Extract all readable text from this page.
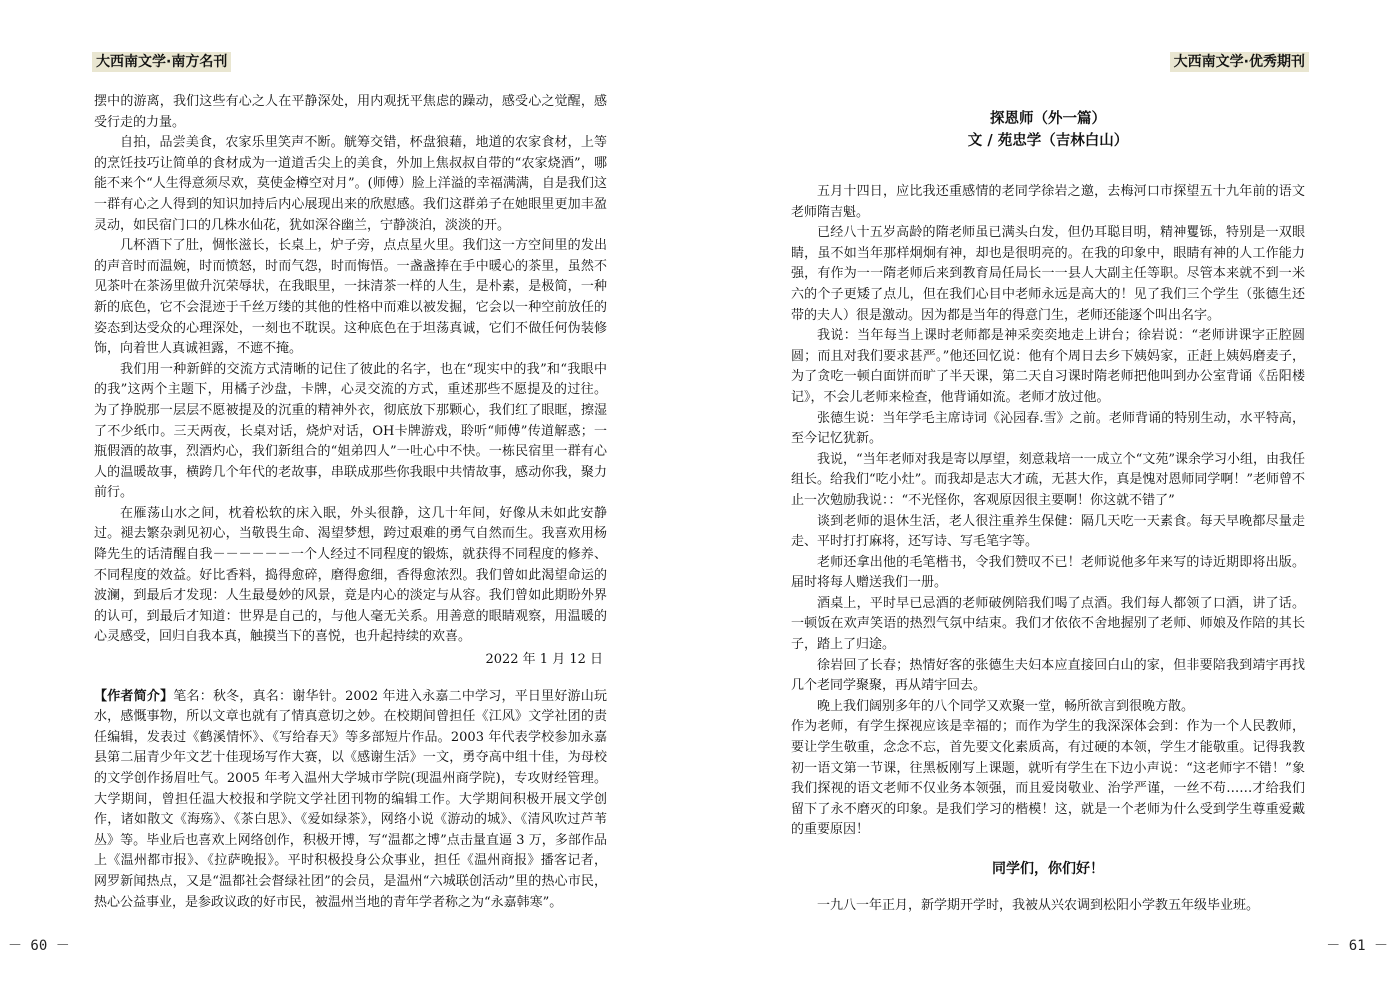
大西南文学·南方名刊

摆中的游离，我们这些有心之人在平静深处，用内观抚平焦虑的躁动，感受心之觉醒，感受行走的力量。

自拍，品尝美食，农家乐里笑声不断。觥筹交错，杯盘狼藉，地道的农家食材，上等的烹饪技巧让简单的食材成为一道道舌尖上的美食，外加上焦叔叔自带的“农家烧酒”，哪能不来个“人生得意须尽欢，莫使金樽空对月”。(师傅）脸上洋溢的幸福满满，自是我们这一群有心之人得到的知识加持后内心展现出来的欣慰感。我们这群弟子在她眼里更加丰盈灵动，如民宿门口的几株水仙花，犹如深谷幽兰，宁静淡泊，淡淡的开。

几杯酒下了肚，惆怅滋长，长桌上，炉子旁，点点星火里。我们这一方空间里的发出的声音时而温婉，时而愤怒，时而气怨，时而悔悟。一盏盏捧在手中暖心的茶里，虽然不见茶叶在茶汤里做升沉荣辱状，在我眼里，一抹清茶一样的人生，是朴素，是极简，一种新的底色，它不会混迹于千丝万缕的其他的性格中而难以被发掘，它会以一种空前放任的姿态到达受众的心理深处，一刻也不耽误。这种底色在于坦荡真诚，它们不做任何伪装修饰，向着世人真诚袒露，不遮不掩。

我们用一种新鲜的交流方式清晰的记住了彼此的名字，也在“现实中的我”和“我眼中的我”这两个主题下，用橘子沙盘，卡牌，心灵交流的方式，重述那些不愿提及的过往。为了挣脱那一层层不愿被提及的沉重的精神外衣，彻底放下那颗心，我们红了眼眶，擦湿了不少纸巾。三天两夜，长桌对话，烧炉对话，OH卡牌游戏，聆听“师傅”传道解惑；一瓶假酒的故事，烈酒灼心，我们新组合的“姐弟四人”一吐心中不快。一栋民宿里一群有心人的温暖故事，横跨几个年代的老故事，串联成那些你我眼中共情故事，感动你我，聚力前行。

在雁荡山水之间，枕着松软的床入眠，外头很静，这几十年间，好像从未如此安静过。褪去繁杂剥见初心，当敬畏生命、渴望梦想，跨过艰难的勇气自然而生。我喜欢用杨降先生的话清醒自我－－－－－－一个人经过不同程度的锻炼，就获得不同程度的修养、不同程度的效益。好比香料，捣得愈碎，磨得愈细，香得愈浓烈。我们曾如此渴望命运的波澜，到最后才发现：人生最曼妙的风景，竟是内心的淡定与从容。我们曾如此期盼外界的认可，到最后才知道：世界是自己的，与他人毫无关系。用善意的眼睛观察，用温暖的心灵感受，回归自我本真，触摸当下的喜悦，也升起持续的欢喜。

2022 年 1 月 12 日

【作者简介】笔名：秋冬，真名：谢华针。2002 年进入永嘉二中学习，平日里好游山玩水，感慨事物，所以文章也就有了情真意切之妙。在校期间曾担任《江风》文学社团的责任编辑，发表过《鹤溪情怀》、《写给春天》等多部短片作品。2003 年代表学校参加永嘉县第二届青少年文艺十佳现场写作大赛，以《感谢生活》一文，勇夺高中组十佳，为母校的文学创作扬眉吐气。2005 年考入温州大学城市学院(现温州商学院)，专攻财经管理。大学期间，曾担任温大校报和学院文学社团刊物的编辑工作。大学期间积极开展文学创作，诸如散文《海殇》、《茶白思》、《爱如绿茶》，网络小说《游动的城》、《清风吹过芦苇丛》等。毕业后也喜欢上网络创作，积极开博，写“温都之博”点击量直逼 3 万，多部作品上《温州都市报》、《拉萨晚报》。平时积极投身公众事业，担任《温州商报》播客记者，网罗新闻热点，又是“温都社会督绿社团”的会员，是温州“六城联创活动”里的热心市民，热心公益事业，是参政议政的好市民，被温州当地的青年学者称之为“永嘉韩寒”。

－ 60 －
大西南文学·优秀期刊
探恩师（外一篇）
文 / 苑忠学（吉林白山）

五月十四日，应比我还重感情的老同学徐岩之邀，去梅河口市探望五十九年前的语文老师隋吉魁。

已经八十五岁高龄的隋老师虽已满头白发，但仍耳聪目明，精神矍铄，特别是一双眼睛，虽不如当年那样炯炯有神，却也是很明亮的。在我的印象中，眼睛有神的人工作能力强，有作为一一隋老师后来到教育局任局长一一县人大副主任等职。尽管本来就不到一米六的个子更矮了点儿，但在我们心目中老师永远是高大的！见了我们三个学生（张德生还带的夫人）很是激动。因为都是当年的得意门生，老师还能逐个叫出名字。

我说：当年每当上课时老师都是神采奕奕地走上讲台；徐岩说：“老师讲课字正腔圆圆；而且对我们要求甚严。”他还回忆说：他有个周日去乡下姨妈家，正赶上姨妈磨麦子，为了贪吃一顿白面饼而旷了半天课，第二天自习课时隋老师把他叫到办公室背诵《岳阳楼记》，不会儿老师来检查，他背诵如流。老师才放过他。

张德生说：当年学毛主席诗词《沁园春.雪》之前。老师背诵的特别生动，水平特高，至今记忆犹新。

我说，“当年老师对我是寄以厚望，刻意栽培一一成立个“文苑”课余学习小组，由我任组长。给我们“吃小灶”。而我却是志大才疏，无甚大作，真是愧对恩师同学啊！”老师曾不止一次勉励我说：：“不光怪你，客观原因很主要啊！你这就不错了”

谈到老师的退休生活，老人很注重养生保健：隔几天吃一天素食。每天早晚都尽量走走、平时打打麻将，还写诗、写毛笔字等。

老师还拿出他的毛笔楷书，令我们赞叹不已！老师说他多年来写的诗近期即将出版。届时将每人赠送我们一册。

酒桌上，平时早已忌酒的老师破例陪我们喝了点酒。我们每人都领了口酒，讲了话。一顿饭在欢声笑语的热烈气氛中结束。我们才依依不舍地握别了老师、师娘及作陪的其长子，踏上了归途。

徐岩回了长春；热情好客的张德生夫妇本应直接回白山的家，但非要陪我到靖宇再找几个老同学聚聚，再从靖宇回去。

晚上我们阔别多年的八个同学又欢聚一堂，畅所欲言到很晚方散。

作为老师，有学生探视应该是幸福的；而作为学生的我深深体会到：作为一个人民教师，要让学生敬重，念念不忘，首先要文化素质高，有过硬的本领，学生才能敬重。记得我教初一语文第一节课，往黑板刚写上课题，就听有学生在下边小声说：“这老师字不错！”象我们探视的语文老师不仅业务本领强，而且爱岗敬业、治学严谨，一丝不苟……才给我们留下了永不磨灭的印象。是我们学习的楷模！这，就是一个老师为什么受到学生尊重爱戴的重要原因！

同学们，你们好！

一九八一年正月，新学期开学时，我被从兴农调到松阳小学教五年级毕业班。

－ 61 －
